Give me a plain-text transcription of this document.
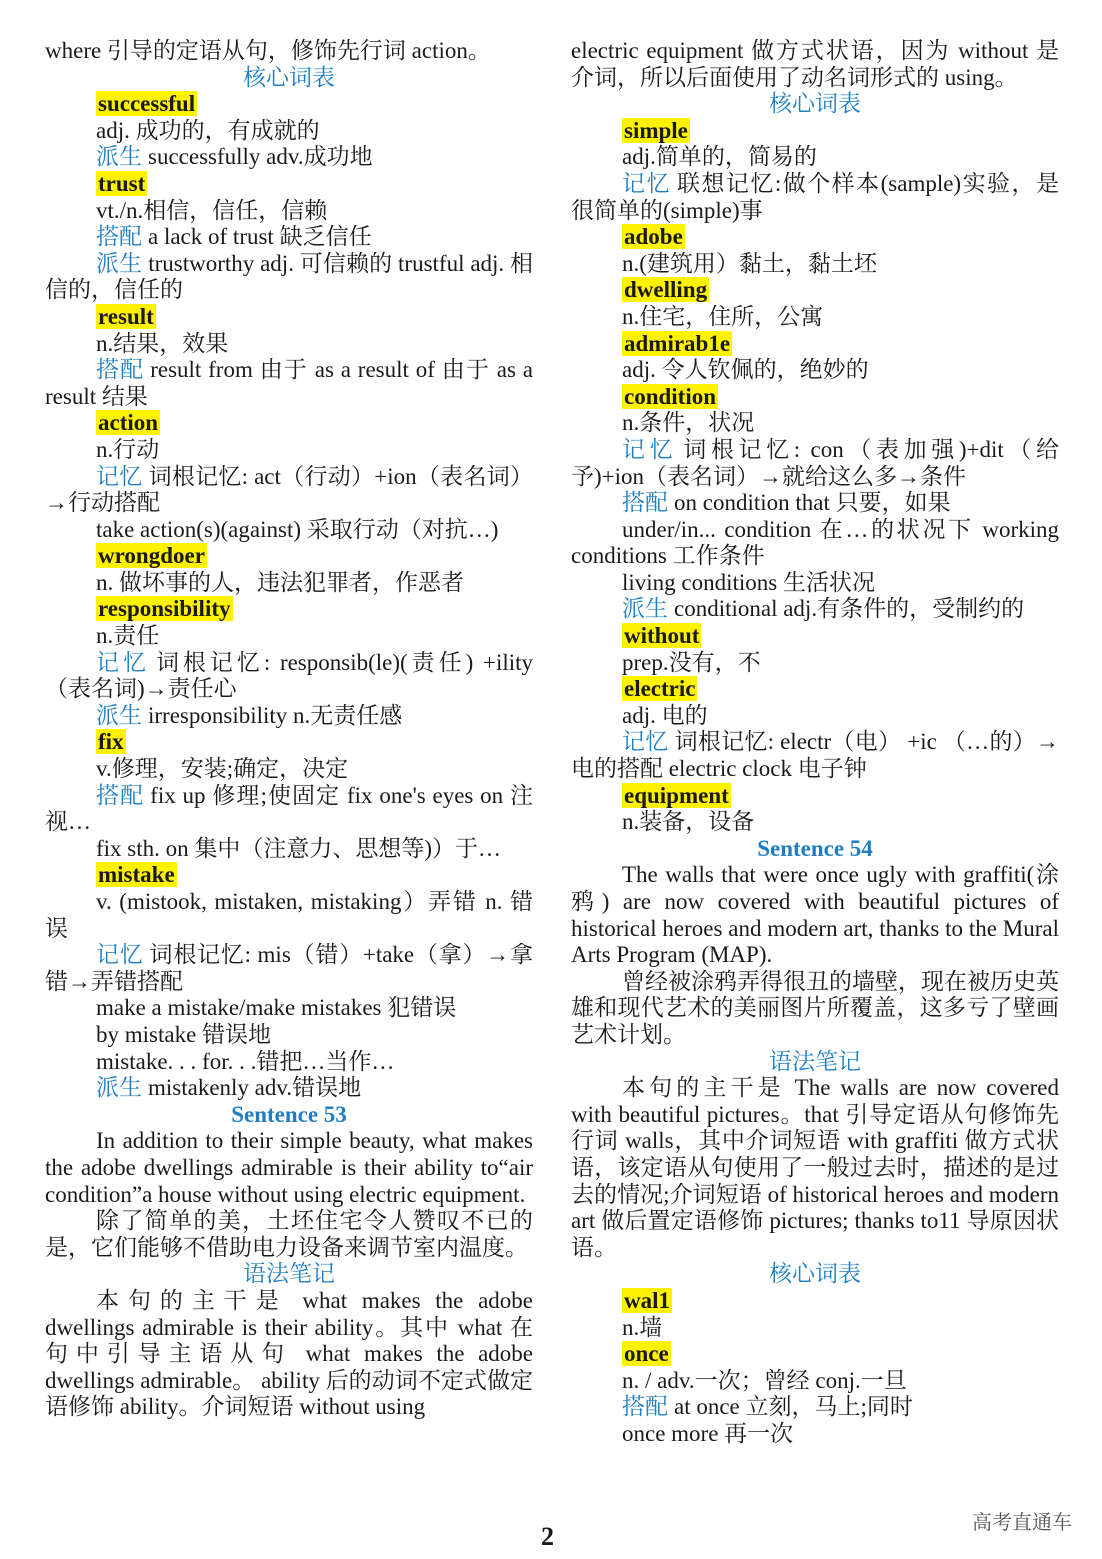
where 引导的定语从句，修饰先行词 action。
核心词表
successful
adj. 成功的，有成就的
派生 successfully adv.成功地
trust
vt./n.相信，信任，信赖
搭配 a lack of trust 缺乏信任
派生 trustworthy adj. 可信赖的 trustful adj. 相信的，信任的
result
n.结果，效果
搭配 result from 由于 as a result of 由于 as a result 结果
action
n.行动
记忆 词根记忆: act（行动）+ion（表名词）→行动搭配
take action(s)(against) 采取行动（对抗…)
wrongdoer
n. 做坏事的人，违法犯罪者，作恶者
responsibility
n.责任
记忆 词根记忆: responsib(le)(责任) +ility（表名词)→责任心
派生 irresponsibility n.无责任感
fix
v.修理，安装;确定，决定
搭配 fix up 修理;使固定 fix one's eyes on 注视…
fix sth. on 集中（注意力、思想等)）于…
mistake
v. (mistook, mistaken, mistaking）弄错 n. 错误
记忆 词根记忆: mis（错）+take（拿）→拿错→弄错搭配
make a mistake/make mistakes 犯错误
by mistake 错误地
mistake. . . for. . .错把…当作…
派生 mistakenly adv.错误地
Sentence 53
In addition to their simple beauty, what makes the adobe dwellings admirable is their ability to“air condition”a house without using electric equipment.
除了简单的美，土坯住宅令人赞叹不已的是，它们能够不借助电力设备来调节室内温度。
语法笔记
本句的主干是 what makes the adobe dwellings admirable is their ability。其中 what 在句中引导主语从句 what makes the adobe dwellings admirable。 ability 后的动词不定式做定语修饰 ability。介词短语 without using
electric equipment 做方式状语，因为 without 是介词，所以后面使用了动名词形式的 using。
核心词表
simple
adj.简单的，简易的
记忆 联想记忆:做个样本(sample)实验，是很简单的(simple)事
adobe
n.(建筑用）黏土，黏土坯
dwelling
n.住宅，住所，公寓
admirab1e
adj. 令人钦佩的，绝妙的
condition
n.条件，状况
记忆 词根记忆: con（表加强)+dit（给予)+ion（表名词）→就给这么多→条件
搭配 on condition that 只要，如果
under/in... condition 在…的状况下 working conditions 工作条件
living conditions 生活状况
派生 conditional adj.有条件的，受制约的
without
prep.没有，不
electric
adj. 电的
记忆 词根记忆: electr（电） +ic （…的）→电的搭配 electric clock 电子钟
equipment
n.装备，设备
Sentence 54
The walls that were once ugly with graffiti(涂鸦) are now covered with beautiful pictures of historical heroes and modern art, thanks to the Mural Arts Program (MAP).
曾经被涂鸦弄得很丑的墙壁，现在被历史英雄和现代艺术的美丽图片所覆盖，这多亏了壁画艺术计划。
语法笔记
本句的主干是 The walls are now covered with beautiful pictures。that 引导定语从句修饰先行词 walls，其中介词短语 with graffiti 做方式状语，该定语从句使用了一般过去时，描述的是过去的情况;介词短语 of historical heroes and modern art 做后置定语修饰 pictures; thanks to11 导原因状语。
核心词表
wal1
n.墙
once
n. / adv.一次；曾经 conj.一旦
搭配 at once 立刻，马上;同时
once more 再一次
2	高考直通车
